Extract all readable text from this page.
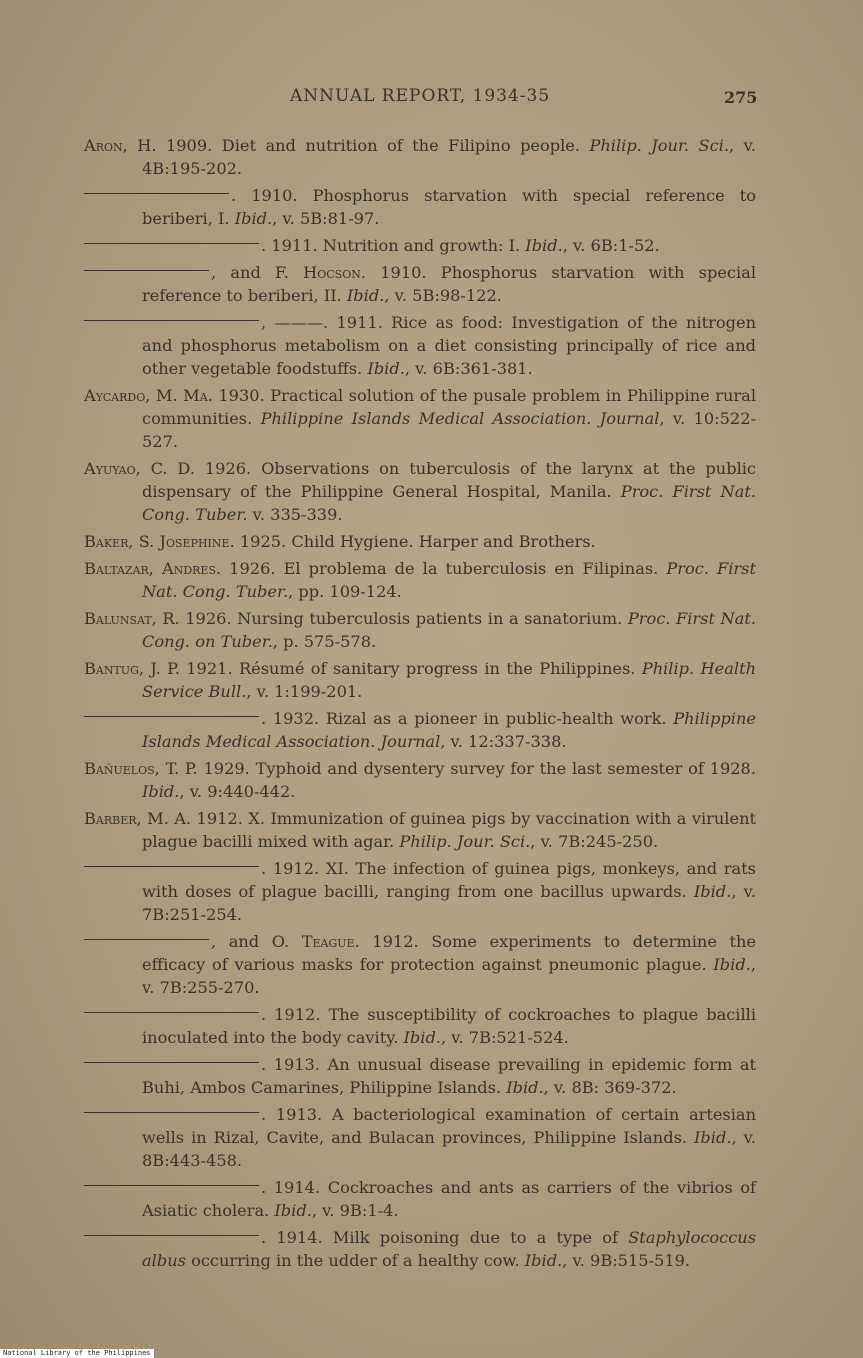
ANNUAL REPORT, 1934-35	275

Aron, H. 1909. Diet and nutrition of the Filipino people. Philip. Jour. Sci., v. 4B:195-202.

. 1910. Phosphorus starvation with special reference to beriberi, I. Ibid., v. 5B:81-97.

. 1911. Nutrition and growth: I. Ibid., v. 6B:1-52.

, and F. Hocson. 1910. Phosphorus starvation with special reference to beriberi, II. Ibid., v. 5B:98-122.

, ———. 1911. Rice as food: Investigation of the nitrogen and phosphorus metabolism on a diet consisting principally of rice and other vegetable foodstuffs. Ibid., v. 6B:361-381.

Aycardo, M. Ma. 1930. Practical solution of the pusale problem in Philippine rural communities. Philippine Islands Medical Association. Journal, v. 10:522-527.

Ayuyao, C. D. 1926. Observations on tuberculosis of the larynx at the public dispensary of the Philippine General Hospital, Manila. Proc. First Nat. Cong. Tuber. v. 335-339.

Baker, S. Josephine. 1925. Child Hygiene. Harper and Brothers.

Baltazar, Andres. 1926. El problema de la tuberculosis en Filipinas. Proc. First Nat. Cong. Tuber., pp. 109-124.

Balunsat, R. 1926. Nursing tuberculosis patients in a sanatorium. Proc. First Nat. Cong. on Tuber., p. 575-578.

Bantug, J. P. 1921. Résumé of sanitary progress in the Philippines. Philip. Health Service Bull., v. 1:199-201.

. 1932. Rizal as a pioneer in public-health work. Philippine Islands Medical Association. Journal, v. 12:337-338.

Bañuelos, T. P. 1929. Typhoid and dysentery survey for the last semester of 1928. Ibid., v. 9:440-442.

Barber, M. A. 1912. X. Immunization of guinea pigs by vaccination with a virulent plague bacilli mixed with agar. Philip. Jour. Sci., v. 7B:245-250.

. 1912. XI. The infection of guinea pigs, monkeys, and rats with doses of plague bacilli, ranging from one bacillus upwards. Ibid., v. 7B:251-254.

, and O. Teague. 1912. Some experiments to determine the efficacy of various masks for protection against pneumonic plague. Ibid., v. 7B:255-270.

. 1912. The susceptibility of cockroaches to plague bacilli inoculated into the body cavity. Ibid., v. 7B:521-524.

. 1913. An unusual disease prevailing in epidemic form at Buhi, Ambos Camarines, Philippine Islands. Ibid., v. 8B: 369-372.

. 1913. A bacteriological examination of certain artesian wells in Rizal, Cavite, and Bulacan provinces, Philippine Islands. Ibid., v. 8B:443-458.

. 1914. Cockroaches and ants as carriers of the vibrios of Asiatic cholera. Ibid., v. 9B:1-4.

. 1914. Milk poisoning due to a type of Staphylococcus albus occurring in the udder of a healthy cow. Ibid., v. 9B:515-519.

National Library of the Philippines
